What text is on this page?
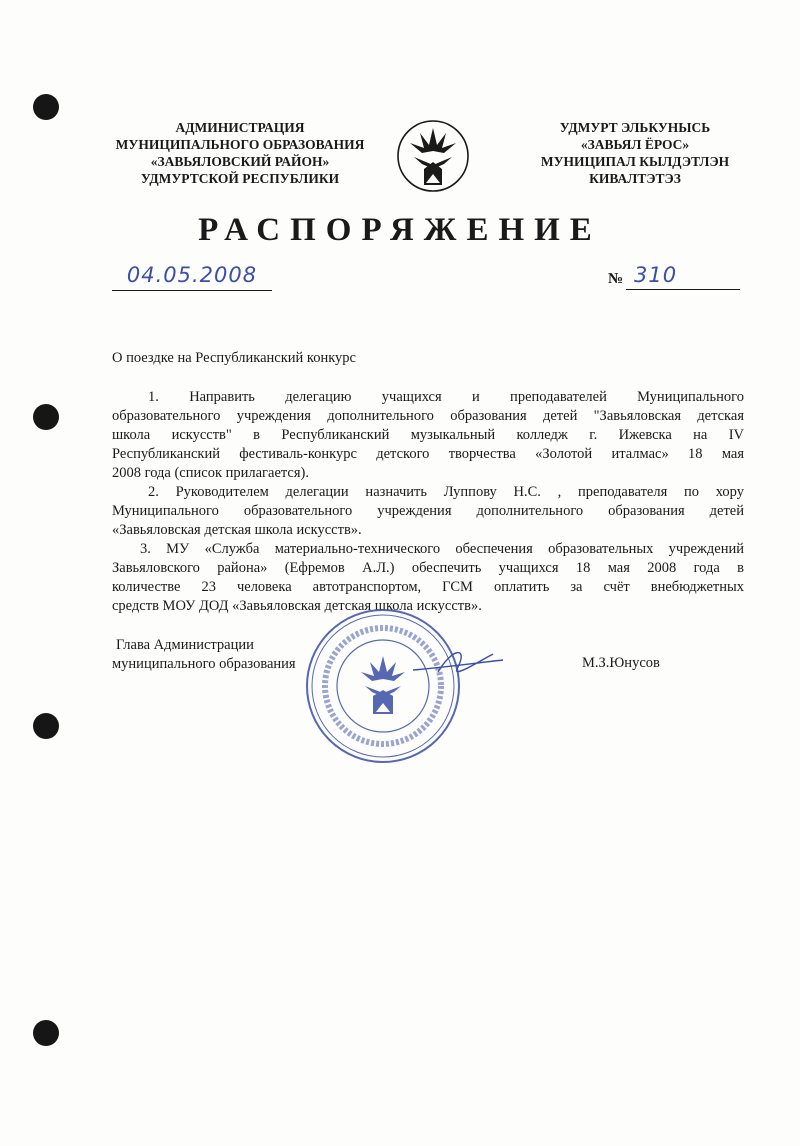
АДМИНИСТРАЦИЯ
МУНИЦИПАЛЬНОГО ОБРАЗОВАНИЯ
«ЗАВЬЯЛОВСКИЙ РАЙОН»
УДМУРТСКОЙ РЕСПУБЛИКИ
УДМУРТ ЭЛЬКУНЫСЬ
«ЗАВЬЯЛ ЁРОС»
МУНИЦИПАЛ КЫЛДЭТЛЭН
КИВАЛТЭТЭЗ
РАСПОРЯЖЕНИЕ
04.05.2008	№ 310
О поездке на Республиканский конкурс
1. Направить делегацию учащихся и преподавателей Муниципального
образовательного учреждения дополнительного образования детей "Завьяловская детская
школа искусств" в Республиканский музыкальный колледж г. Ижевска на IV
Республиканский фестиваль-конкурс детского творчества «Золотой италмас» 18 мая
2008 года (список прилагается).
2. Руководителем делегации назначить Луппову Н.С. , преподавателя по хору
Муниципального образовательного учреждения дополнительного образования детей
«Завьяловская детская школа искусств».
3. МУ «Служба материально-технического обеспечения образовательных учреждений
Завьяловского района» (Ефремов А.Л.) обеспечить учащихся 18 мая 2008 года в
количестве 23 человека автотранспортом, ГСМ оплатить за счёт внебюджетных
средств МОУ ДОД «Завьяловская детская школа искусств».
Глава Администрации
муниципального образования	М.З.Юнусов
